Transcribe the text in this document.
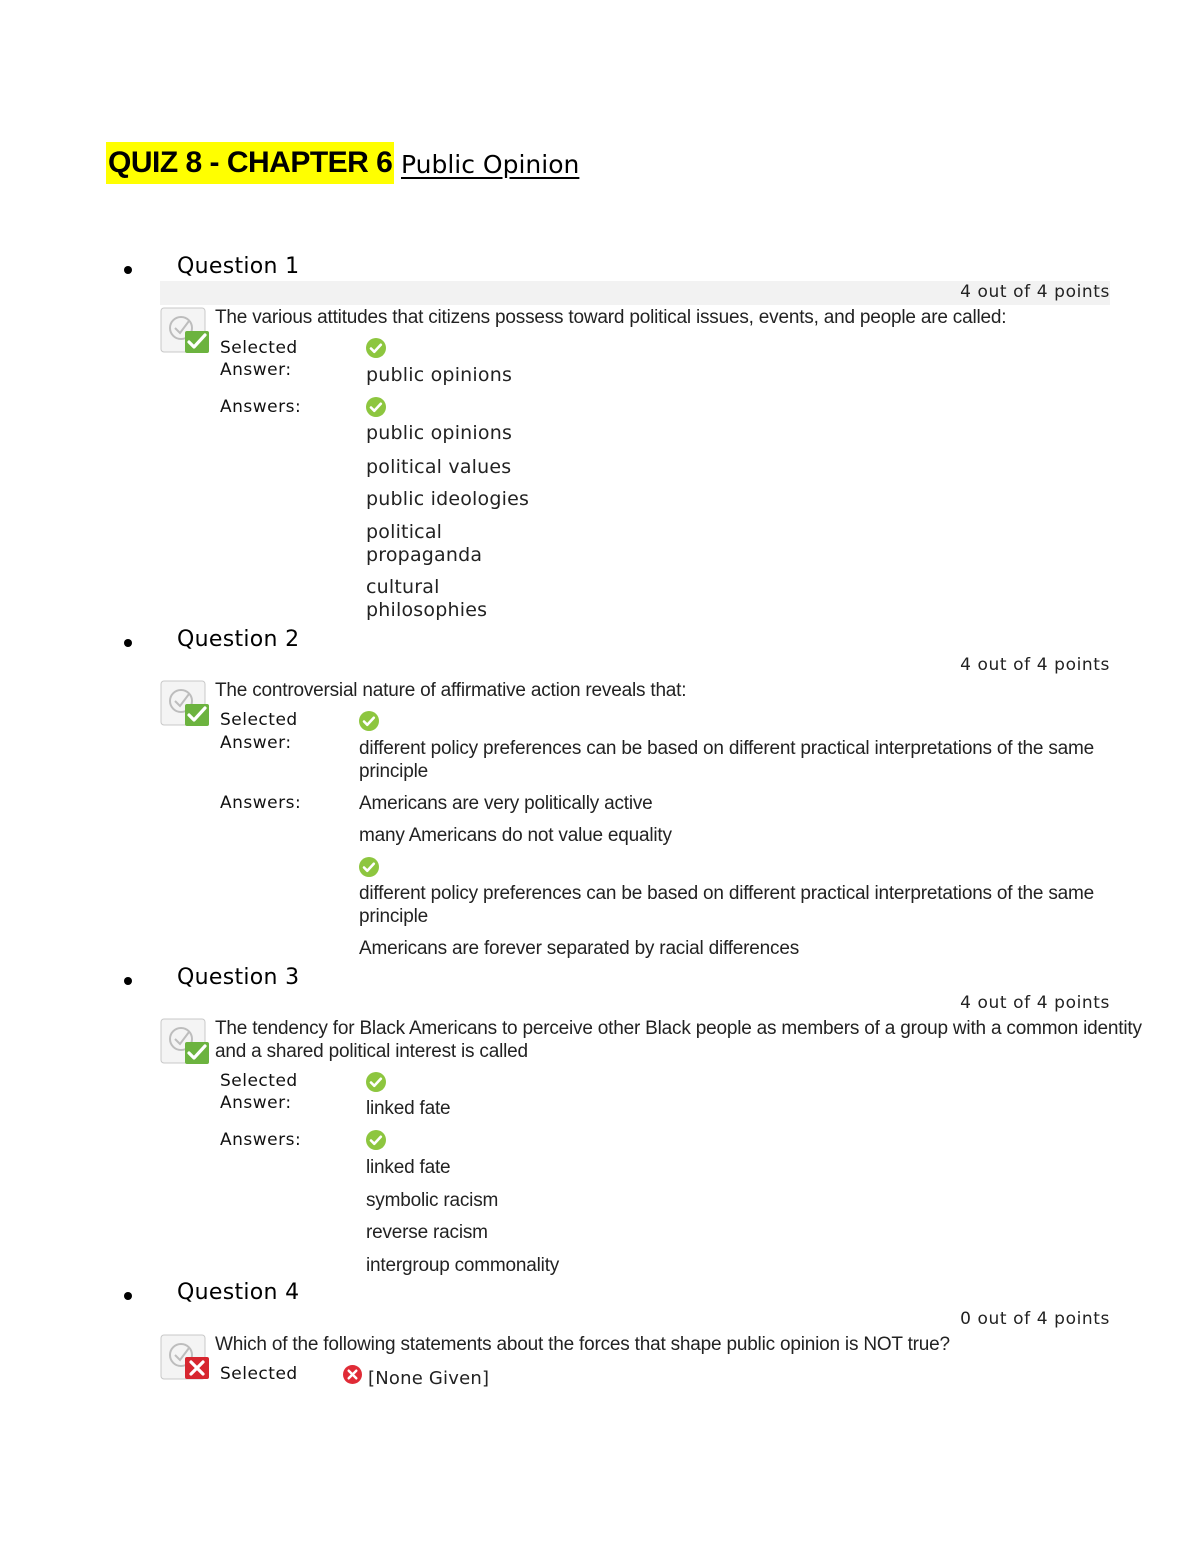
QUIZ 8 - CHAPTER 6 Public Opinion
Question 1
4 out of 4 points
The various attitudes that citizens possess toward political issues, events, and people are called:
Selected
Answer:	public opinions
Answers:
public opinions
political values
public ideologies
political propaganda
cultural philosophies
Question 2
4 out of 4 points
The controversial nature of affirmative action reveals that:
Selected
Answer:	different policy preferences can be based on different practical interpretations of the same principle
Answers:	Americans are very politically active
many Americans do not value equality
different policy preferences can be based on different practical interpretations of the same principle
Americans are forever separated by racial differences
Question 3
4 out of 4 points
The tendency for Black Americans to perceive other Black people as members of a group with a common identity and a shared political interest is called
Selected
Answer:	linked fate
Answers:
linked fate
symbolic racism
reverse racism
intergroup commonality
Question 4
0 out of 4 points
Which of the following statements about the forces that shape public opinion is NOT true?
Selected	[None Given]
